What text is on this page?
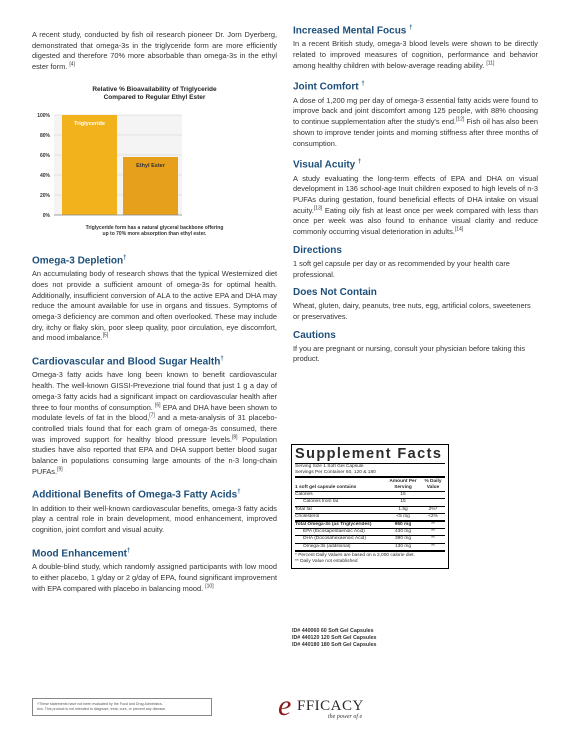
A recent study, conducted by fish oil research pioneer Dr. Jorn Dyerberg, demonstrated that omega-3s in the triglyceride form are more efficiently digested and therefore 70% more absorbable than omega-3s in the ethyl ester form. [4]

Relative % Bioavailability of Triglyceride
Compared to Regular Ethyl Ester
0%
20%
40%
60%
80%
100%
Triglyceride
Ethyl Ester
Triglyceride form has a natural glyceral backbone offering
up to 70% more absorption than ethyl ester.
Omega-3 Depletion†

An accumulating body of research shows that the typical Westernized diet does not provide a sufficient amount of omega-3s for optimal health. Additionally, insufficient conversion of ALA to the active EPA and DHA may reduce the amount available for use in organs and tissues. Symptoms of omega-3 deficiency are common and often overlooked. These may include dry, itchy or flaky skin, poor sleep quality, poor circulation, eye discomfort, and mood imbalance.[5]

Cardiovascular and Blood Sugar Health†

Omega-3 fatty acids have long been known to benefit cardiovascular health. The well-known GISSI-Prevezione trial found that just 1 g a day of omega-3 fatty acids had a significant impact on cardiovascular health after three to four months of consumption. [6] EPA and DHA have been shown to modulate levels of fat in the blood,[7] and a meta-analysis of 31 placebo-controlled trials found that for each gram of omega-3s consumed, there was improved support for healthy blood pressure levels.[8] Population studies have also reported that EPA and DHA support better blood sugar balance in populations consuming large amounts of the n-3 long-chain PUFAs.[9]

Additional Benefits of Omega-3 Fatty Acids†

In addition to their well-known cardiovascular benefits, omega-3 fatty acids play a central role in brain development, mood enhancement, improved cognition, joint comfort and visual acuity.

Mood Enhancement†

A double-blind study, which randomly assigned participants with low mood to either placebo, 1 g/day or 2 g/day of EPA, found significant improvement with EPA compared with placebo in balancing mood. [10]

Increased Mental Focus †

In a recent British study, omega-3 blood levels were shown to be directly related to improved measures of cognition, performance and behavior among healthy children with below-average reading ability. [11]

Joint Comfort †

A dose of 1,200 mg per day of omega-3 essential fatty acids were found to improve back and joint discomfort among 125 people, with 88% choosing to continue supplementation after the study's end.[12] Fish oil has also been shown to improve tender joints and morning stiffness after three months of consumption.

Visual Acuity †

A study evaluating the long-term effects of EPA and DHA on visual development in 136 school-age Inuit children exposed to high levels of n-3 PUFAs during gestation, found beneficial effects of DHA intake on visual acuity.[13] Eating oily fish at least once per week compared with less than once per week was also found to enhance visual clarity and reduce commonly occurring visual deterioration in adults.[14]

Directions

1 soft gel capsule per day or as recommended by your health care professional.

Does Not Contain

Wheat, gluten, dairy, peanuts, tree nuts, egg, artificial colors, sweeteners or preservatives.

Cautions

If you are pregnant or nursing, consult your physician before taking this product.

Supplement Facts
Serving Size 1 Soft Gel Capsule
Servings Per Container 60, 120 & 180
1 soft gel capsule contains
Amount Per Serving
% Daily Value
Calories	15
Calories from fat	15
Total fat	1.5g	2%*
Cholesterol	<5 mg	<2%
Total Omega-3s (as Triglycerides)	950 mg	**
EPA (Eicosapentaenoic Acid)	430 mg	**
DHA (Docosahexaenoic Acid)	390 mg	**
Omega-3s (additional)	130 mg	**
* Percent Daily Values are based on a 2,000 calorie diet.
** Daily Value not established
ID# 440060 60 Soft Gel Capsules
ID# 440120 120 Soft Gel Capsules
ID# 440180 180 Soft Gel Capsules
†These statements have not been evaluated by the Food and Drug Administra-
tion. This product is not intended to diagnose, treat, cure, or prevent any disease.	e FFICACY
the power of e
